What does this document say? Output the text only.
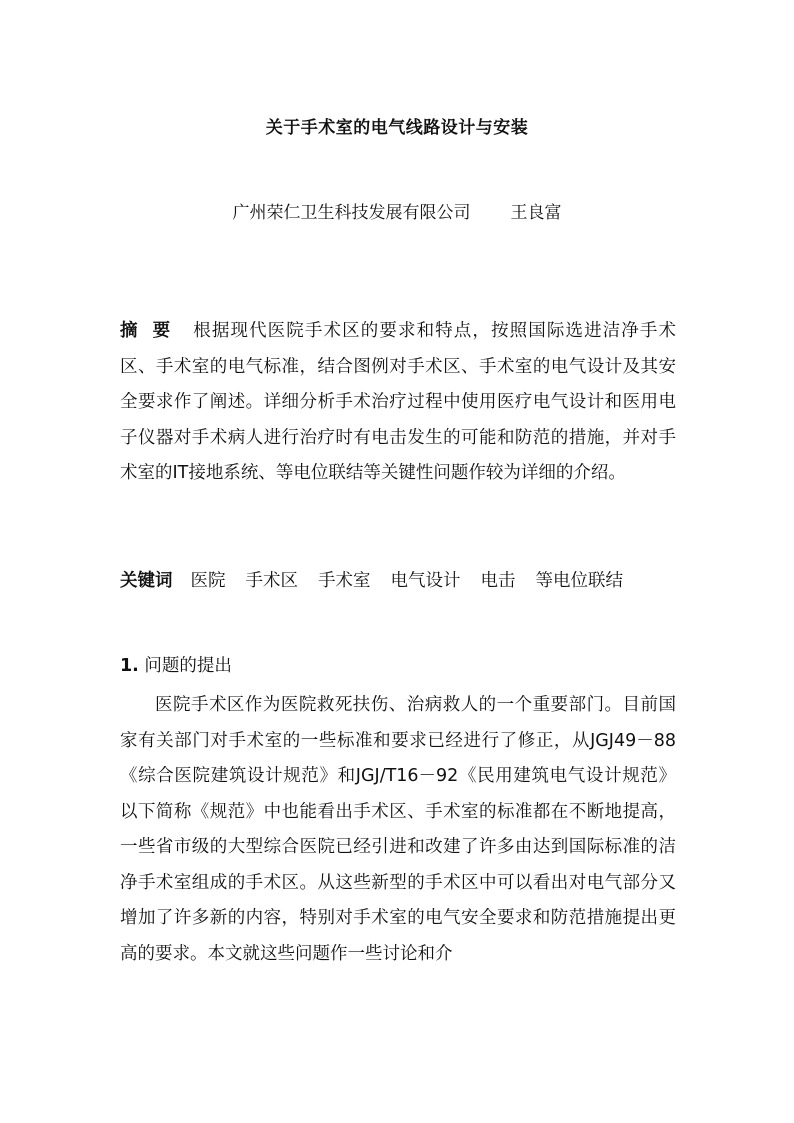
关于手术室的电气线路设计与安装
广州荣仁卫生科技发展有限公司 王良富
摘要 根据现代医院手术区的要求和特点，按照国际选进洁净手术区、手术室的电气标准，结合图例对手术区、手术室的电气设计及其安全要求作了阐述。详细分析手术治疗过程中使用医疗电气设计和医用电子仪器对手术病人进行治疗时有电击发生的可能和防范的措施，并对手术室的IT接地系统、等电位联结等关键性问题作较为详细的介绍。
关键词 医院 手术区 手术室 电气设计 电击 等电位联结
1. 问题的提出
医院手术区作为医院救死扶伤、治病救人的一个重要部门。目前国家有关部门对手术室的一些标准和要求已经进行了修正，从JGJ49－88《综合医院建筑设计规范》和JGJ/T16－92《民用建筑电气设计规范》以下简称《规范》中也能看出手术区、手术室的标准都在不断地提高，一些省市级的大型综合医院已经引进和改建了许多由达到国际标准的洁净手术室组成的手术区。从这些新型的手术区中可以看出对电气部分又增加了许多新的内容，特别对手术室的电气安全要求和防范措施提出更高的要求。本文就这些问题作一些讨论和介
